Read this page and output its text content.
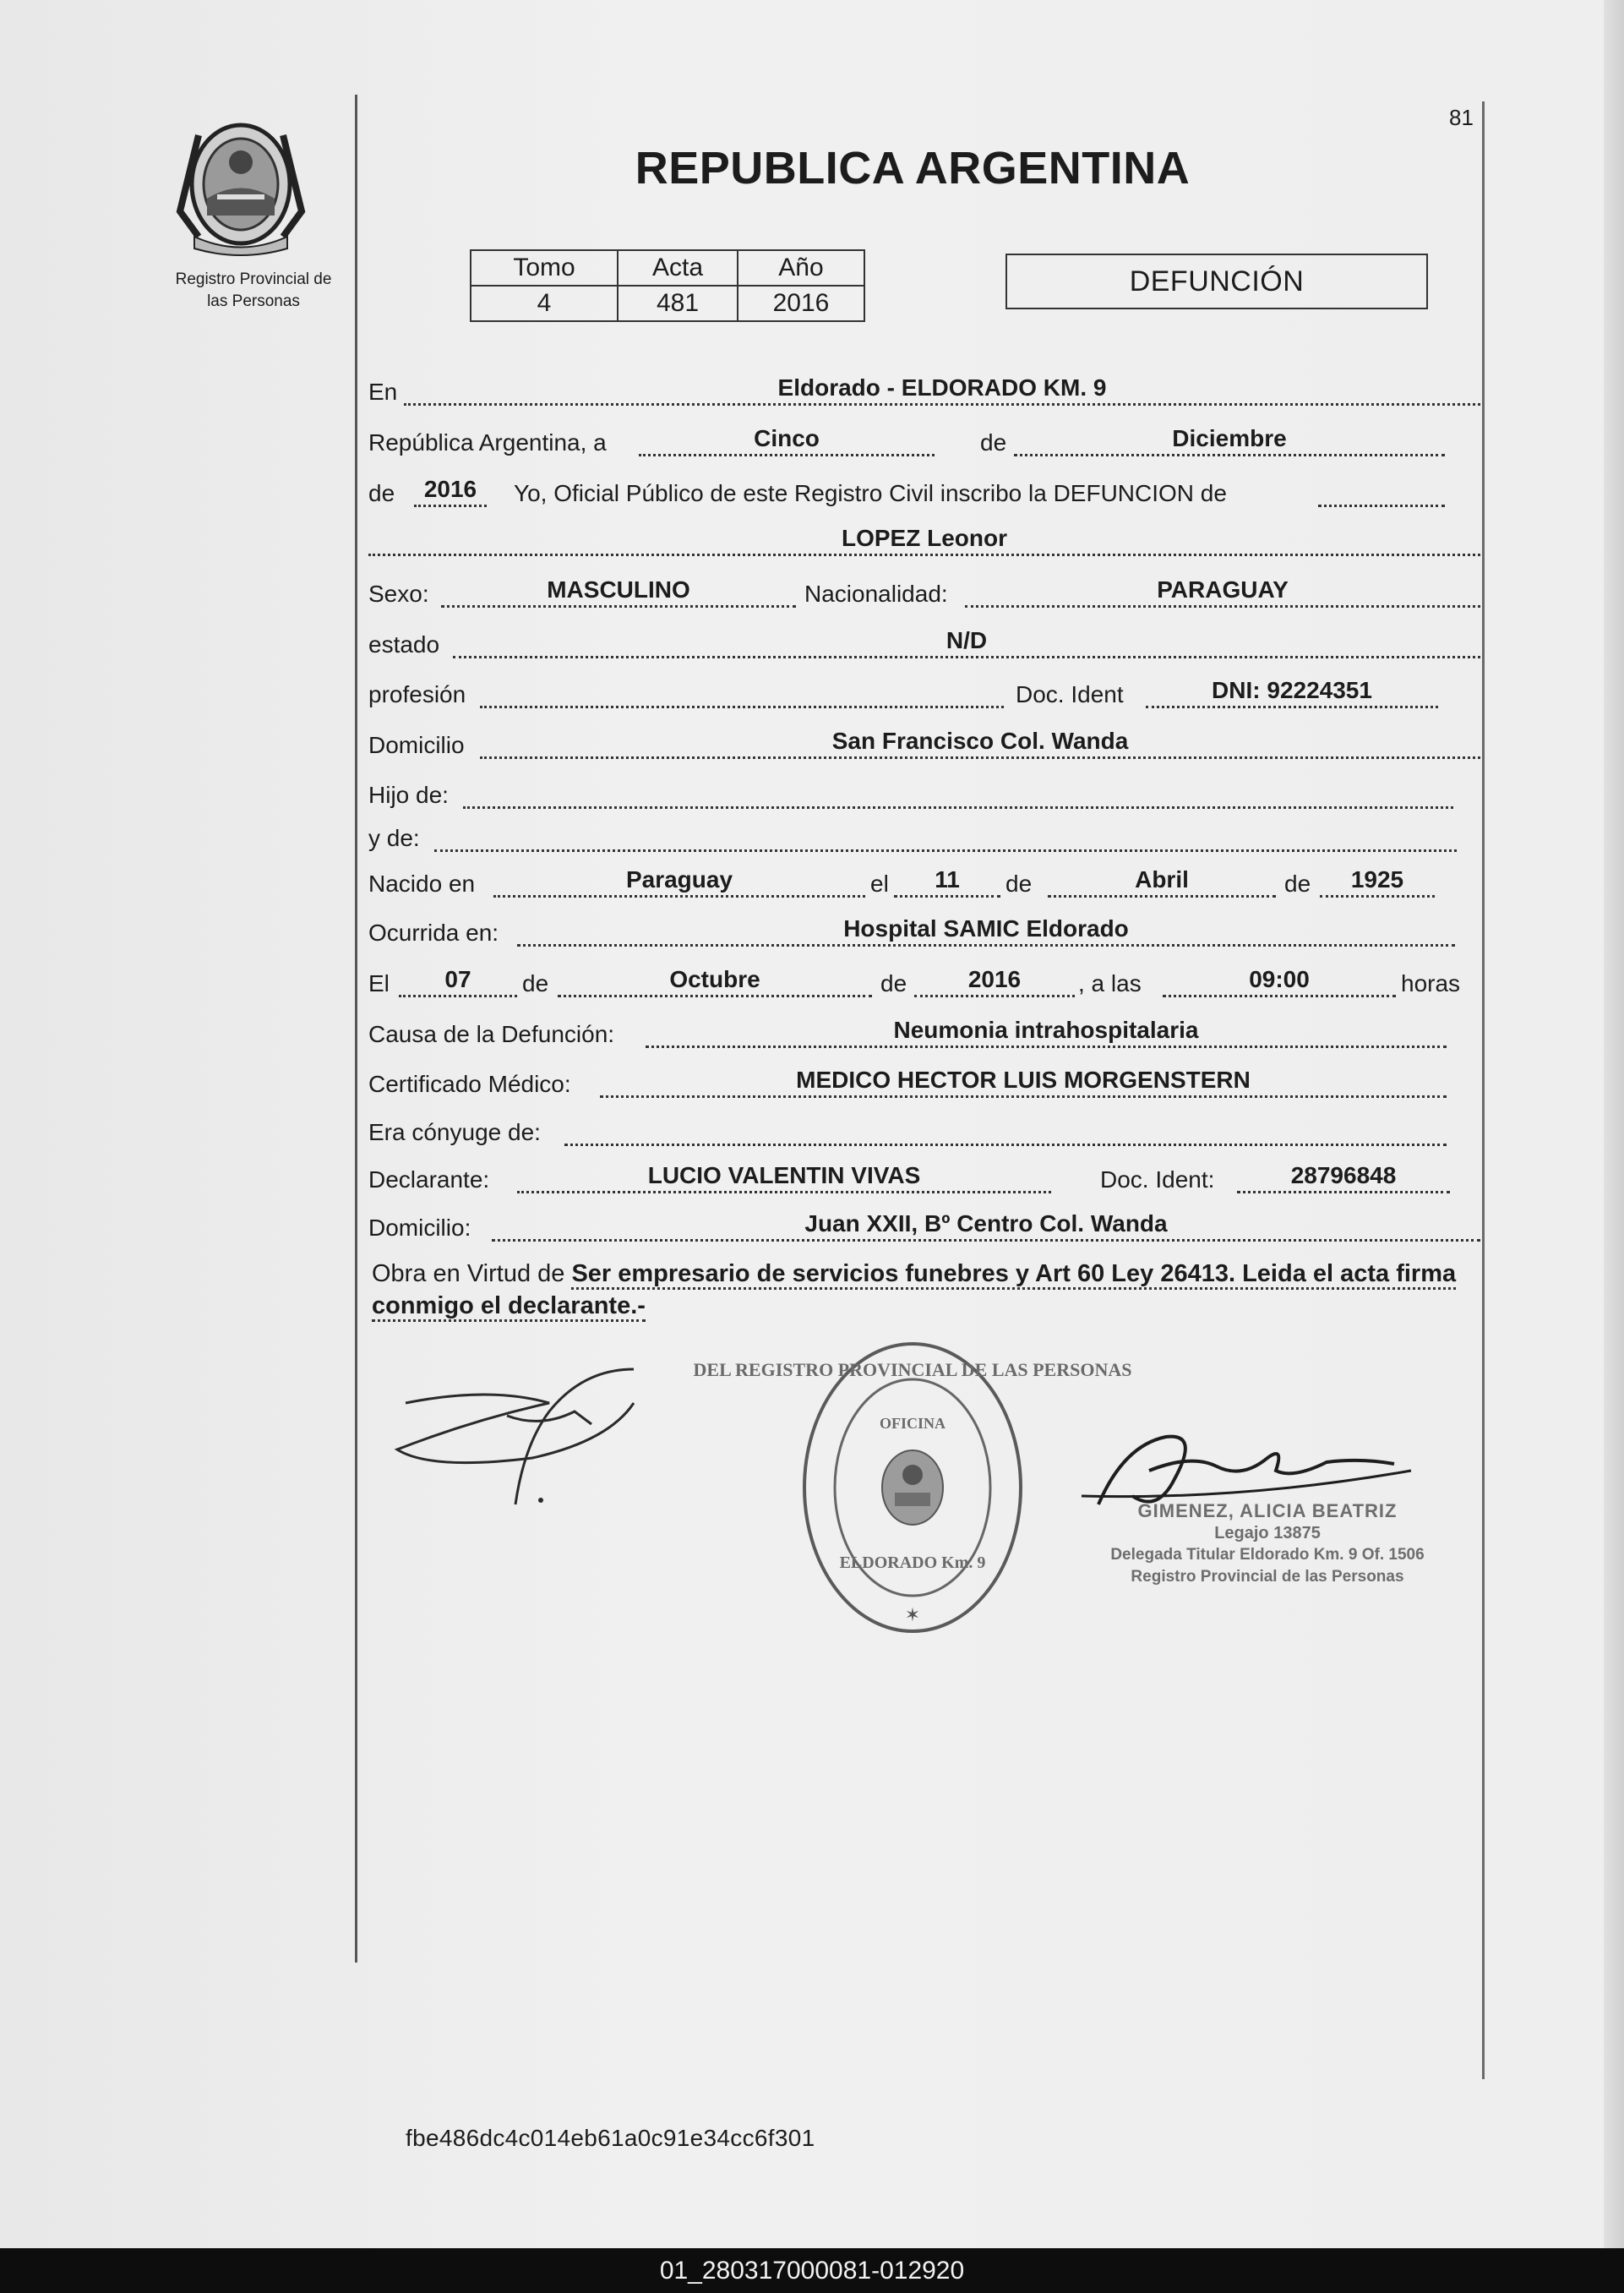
81
Registro Provincial de
las Personas
REPUBLICA ARGENTINA
Tomo	Acta	Año
4	481	2016
DEFUNCIÓN
En	Eldorado - ELDORADO KM. 9
República Argentina, a	Cinco	de	Diciembre
de	2016	Yo, Oficial Público de este Registro Civil inscribo la DEFUNCION de
LOPEZ Leonor
Sexo:	MASCULINO	Nacionalidad:	PARAGUAY
estado	N/D
profesión	Doc. Ident	DNI: 92224351
Domicilio	San Francisco Col. Wanda
Hijo de:
y de:
Nacido en	Paraguay	el	11	de	Abril	de	1925
Ocurrida en:	Hospital SAMIC Eldorado
El	07	de	Octubre	de	2016	, a las	09:00	horas
Causa de la Defunción:	Neumonia intrahospitalaria
Certificado Médico:	MEDICO HECTOR LUIS MORGENSTERN
Era cónyuge de:
Declarante:	LUCIO VALENTIN VIVAS	Doc. Ident:	28796848
Domicilio:	Juan XXII, Bº Centro Col. Wanda
Obra en Virtud de Ser empresario de servicios funebres y Art 60 Ley 26413. Leida el acta firma conmigo el declarante.-
DEL REGISTRO PROVINCIAL DE LAS PERSONAS
OFICINA
ELDORADO Km. 9
✶
GIMENEZ, ALICIA BEATRIZ
Legajo 13875
Delegada Titular Eldorado Km. 9 Of. 1506
Registro Provincial de las Personas
fbe486dc4c014eb61a0c91e34cc6f301
01_280317000081-012920
